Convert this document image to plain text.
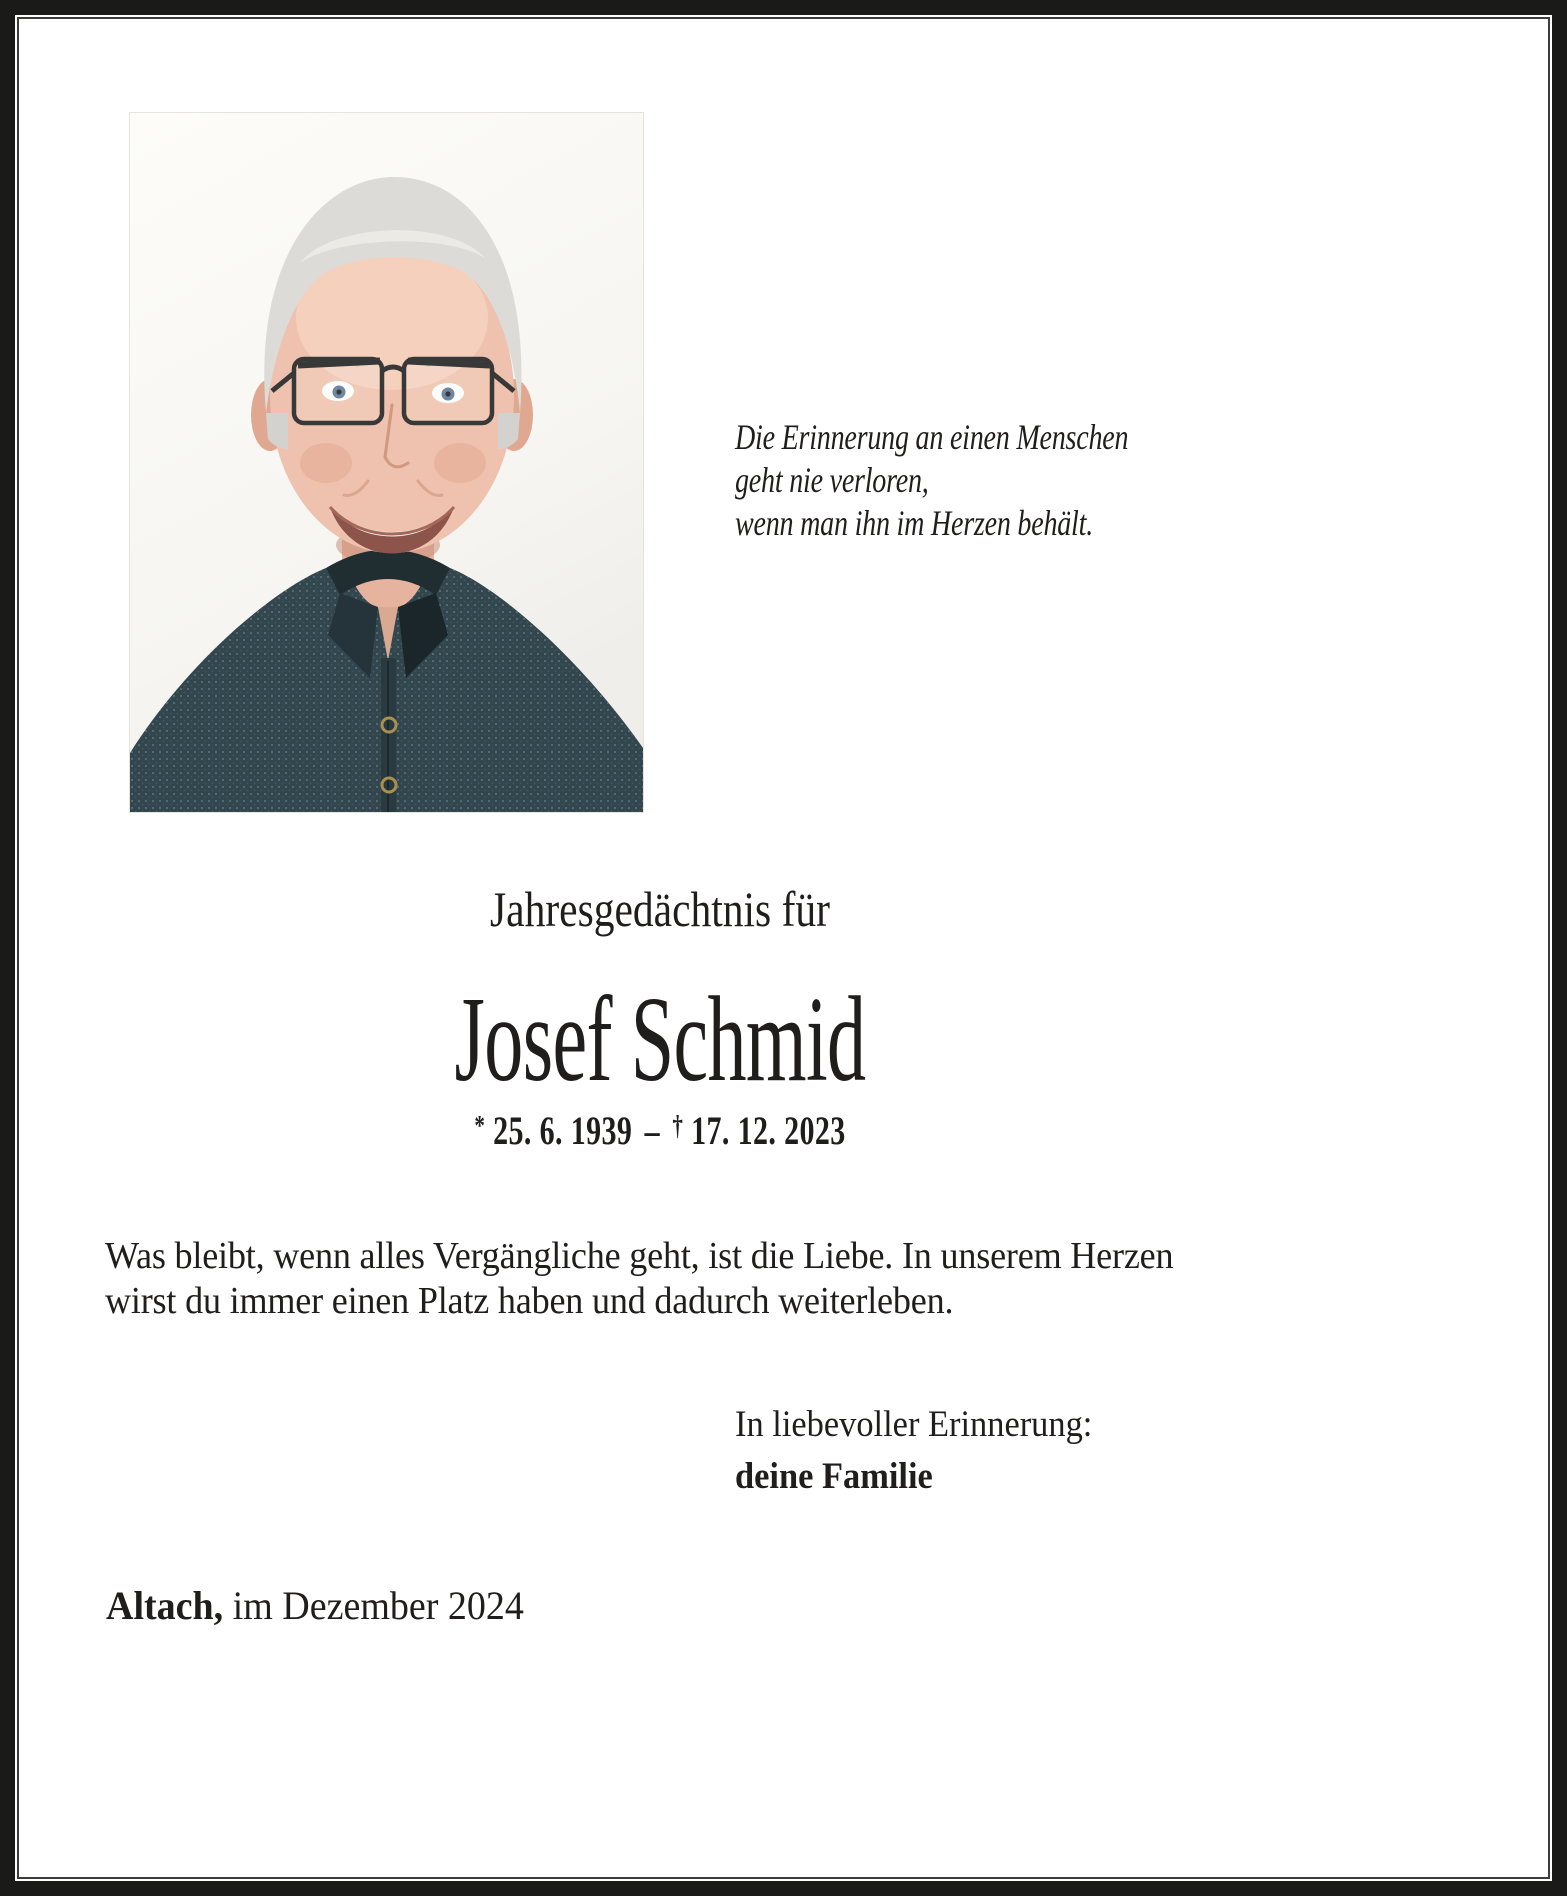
Die Erinnerung an einen Menschen
geht nie verloren,
wenn man ihn im Herzen behält.
Jahresgedächtnis für
Josef Schmid
* 25. 6. 1939 – † 17. 12. 2023
Was bleibt, wenn alles Vergängliche geht, ist die Liebe. In unserem Herzen
wirst du immer einen Platz haben und dadurch weiterleben.
In liebevoller Erinnerung:
deine Familie
Altach, im Dezember 2024
